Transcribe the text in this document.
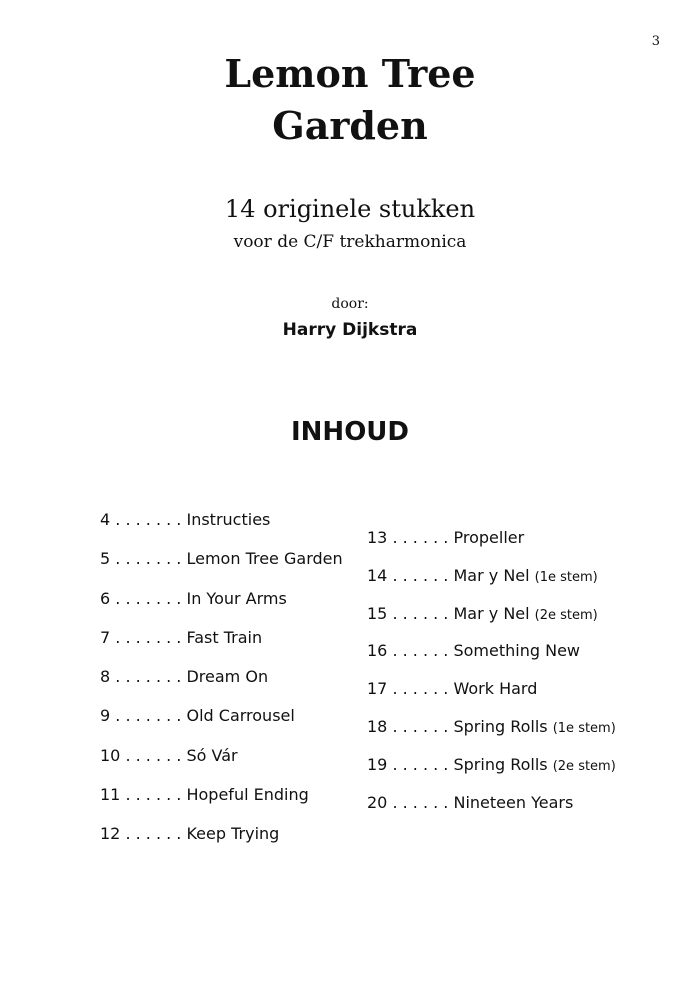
3
Lemon Tree
Garden

14 originele stukken

voor de C/F trekharmonica

door:
Harry Dijkstra
INHOUD
4 . . . . . . . Instructies
5 . . . . . . . Lemon Tree Garden
6 . . . . . . . In Your Arms
7 . . . . . . . Fast Train
8 . . . . . . . Dream On
9 . . . . . . . Old Carrousel
10 . . . . . . Só Vár
11 . . . . . . Hopeful Ending
12 . . . . . . Keep Trying
13 . . . . . . Propeller
14 . . . . . . Mar y Nel (1e stem)
15 . . . . . . Mar y Nel (2e stem)
16 . . . . . . Something New
17 . . . . . . Work Hard
18 . . . . . . Spring Rolls (1e stem)
19 . . . . . . Spring Rolls (2e stem)
20 . . . . . . Nineteen Years
